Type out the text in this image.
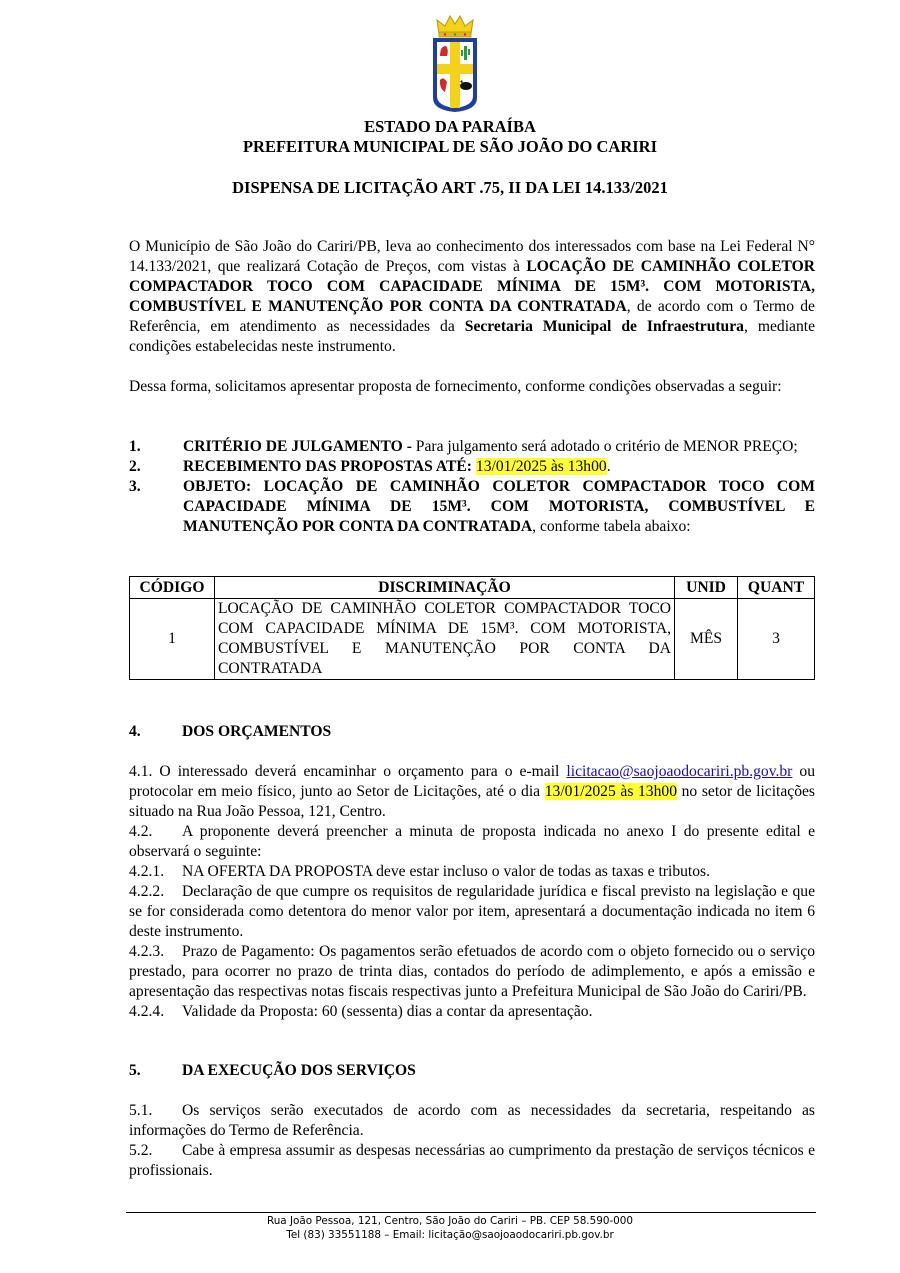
ESTADO DA PARAÍBA
PREFEITURA MUNICIPAL DE SÃO JOÃO DO CARIRI
DISPENSA DE LICITAÇÃO ART .75, II DA LEI 14.133/2021

O Município de São João do Cariri/PB, leva ao conhecimento dos interessados com base na Lei Federal N° 14.133/2021, que realizará Cotação de Preços, com vistas à LOCAÇÃO DE CAMINHÃO COLETOR COMPACTADOR TOCO COM CAPACIDADE MÍNIMA DE 15M³. COM MOTORISTA, COMBUSTÍVEL E MANUTENÇÃO POR CONTA DA CONTRATADA, de acordo com o Termo de Referência, em atendimento as necessidades da Secretaria Municipal de Infraestrutura, mediante condições estabelecidas neste instrumento.

Dessa forma, solicitamos apresentar proposta de fornecimento, conforme condições observadas a seguir:

1.	CRITÉRIO DE JULGAMENTO - Para julgamento será adotado o critério de MENOR PREÇO;
2.	RECEBIMENTO DAS PROPOSTAS ATÉ: 13/01/2025 às 13h00.
3.	OBJETO: LOCAÇÃO DE CAMINHÃO COLETOR COMPACTADOR TOCO COM CAPACIDADE MÍNIMA DE 15M³. COM MOTORISTA, COMBUSTÍVEL E MANUTENÇÃO POR CONTA DA CONTRATADA, conforme tabela abaixo:
CÓDIGO	DISCRIMINAÇÃO	UNID	QUANT
1	LOCAÇÃO DE CAMINHÃO COLETOR COMPACTADOR TOCO COM CAPACIDADE MÍNIMA DE 15M³. COM MOTORISTA, COMBUSTÍVEL E MANUTENÇÃO POR CONTA DA CONTRATADA	MÊS	3
4.	DOS ORÇAMENTOS

4.1. O interessado deverá encaminhar o orçamento para o e-mail licitacao@saojoaodocariri.pb.gov.br ou protocolar em meio físico, junto ao Setor de Licitações, até o dia 13/01/2025 às 13h00 no setor de licitações situado na Rua João Pessoa, 121, Centro.

4.2. A proponente deverá preencher a minuta de proposta indicada no anexo I do presente edital e observará o seguinte:

4.2.1. NA OFERTA DA PROPOSTA deve estar incluso o valor de todas as taxas e tributos.

4.2.2. Declaração de que cumpre os requisitos de regularidade jurídica e fiscal previsto na legislação e que se for considerada como detentora do menor valor por item, apresentará a documentação indicada no item 6 deste instrumento.

4.2.3. Prazo de Pagamento: Os pagamentos serão efetuados de acordo com o objeto fornecido ou o serviço prestado, para ocorrer no prazo de trinta dias, contados do período de adimplemento, e após a emissão e apresentação das respectivas notas fiscais respectivas junto a Prefeitura Municipal de São João do Cariri/PB.

4.2.4. Validade da Proposta: 60 (sessenta) dias a contar da apresentação.

5.	DA EXECUÇÃO DOS SERVIÇOS

5.1. Os serviços serão executados de acordo com as necessidades da secretaria, respeitando as informações do Termo de Referência.

5.2. Cabe à empresa assumir as despesas necessárias ao cumprimento da prestação de serviços técnicos e profissionais.

Rua João Pessoa, 121, Centro, São João do Cariri – PB. CEP 58.590-000
Tel (83) 33551188 – Email: licitação@saojoaodocariri.pb.gov.br
